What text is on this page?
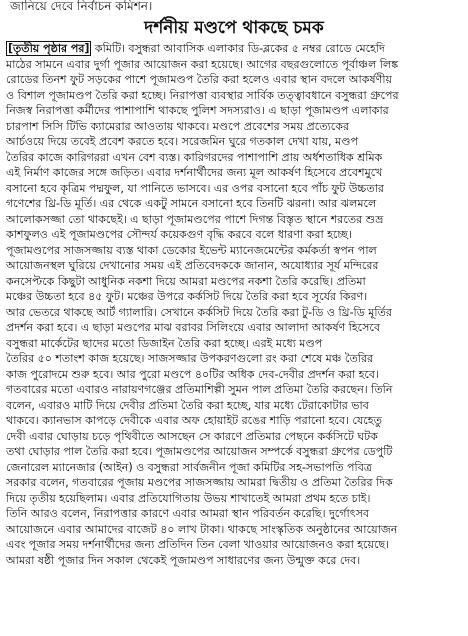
জানিয়ে দেবে নির্বাচন কমিশন।
দর্শনীয় মণ্ডপে থাকছে চমক
[তৃতীয় পৃষ্ঠার পর] কমিটি। বসুন্ধরা আবাসিক এলাকার ডি-ব্লকের ৫ নম্বর রোডে মেহেদি
মাঠের সামনে এবার দুর্গা পূজার আয়োজন করা হয়েছে। আগের বছরগুলোতে পূর্বাঞ্চল লিঙ্ক
রোডের তিনশ ফুট সড়কের পাশে পূজামণ্ডপ তৈরি করা হলেও এবার স্থান বদলে আকর্ষণীয়
ও বিশাল পূজামণ্ডপ তৈরি করা হচ্ছে। নিরাপত্তা ব্যবস্থার সার্বিক তত্ত্বাবধানে বসুন্ধরা গ্রুপের
নিজস্ব নিরাপত্তা কর্মীদের পাশাপাশি থাকছে পুলিশ সদস্যরাও। এ ছাড়া পূজামণ্ডপ এলাকার
চারপাশ সিসি টিভি ক্যামেরার আওতায় থাকবে। মণ্ডপে প্রবেশের সময় প্রত্যেকের
আর্চওয়ে দিয়ে তবেই প্রবেশ করতে হবে। সরেজমিন ঘুরে গতকাল দেখা যায়, মণ্ডপ
তৈরির কাজে কারিগররা এখন বেশ ব্যস্ত। কারিগরদের পাশাপাশি প্রায় অর্ধশতাধিক শ্রমিক
এই নির্মাণ কাজের সঙ্গে জড়িত। এবার দর্শনার্থীদের জন্য মূল আকর্ষণ হিসেবে প্রবেশমুখে
বসানো হবে কৃত্রিম পদ্মফুল, যা পানিতে ভাসবে। এর ওপর বসানো হবে পাঁচ ফুট উচ্চতার
গণেশের থ্রি-ডি মূর্তি। এর থেকে একটু সামনে বসানো হবে তিনটি ঝরনা। আর ঝলমলে
আলোকসজ্জা তো থাকছেই। এ ছাড়া পূজামণ্ডপের পাশে দিগন্ত বিস্তৃত স্থানে শরতের শুভ্র
কাশফুলও এই পূজামণ্ডপের সৌন্দর্য কয়েকগুণ বৃদ্ধি করবে বলে ধারণা করা হচ্ছে।
পূজামণ্ডপের সাজসজ্জায় ব্যস্ত থাকা ডেকোর ইভেন্ট ম্যানেজমেন্টের কর্মকর্তা স্বপন পাল
আয়োজনস্থল ঘুরিয়ে দেখানোর সময় এই প্রতিবেদককে জানান, অযোধ্যার সূর্য মন্দিরের
কনসেপ্টকে কিছুটা আধুনিক নকশা দিয়ে আমরা মণ্ডপের নকশা তৈরি করেছি। প্রতিমা
মঞ্চের উচ্চতা হবে ৪৫ ফুট। মঞ্চের উপরে কর্কসিট দিয়ে তৈরি করা হবে সূর্যের কিরণ।
আর ভেতরে থাকছে আর্ট গ্যালারি। সেখানে কর্কসিট দিয়ে তৈরি করা টু-ডি ও থ্রি-ডি মূর্তির
প্রদর্শন করা হবে। এ ছাড়া মণ্ডপের মাঝ বরাবর সিলিংয়ে এবার আলাদা আকর্ষণ হিসেবে
বসুন্ধরা মার্কেটের ছাদের মতো ডিজাইন তৈরি করা হচ্ছে। এরই মধ্যে মণ্ডপ
তৈরির ৫০ শতাংশ কাজ হয়েছে। সাজসজ্জার উপকরণগুলো রং করা শেষে মঞ্চ তৈরির
কাজ পুরোদমে শুরু হবে। আর পুরো মণ্ডপে ৪০টির অধিক দেব-দেবীর প্রদর্শন করা হবে।
গতবারের মতো এবারও নারায়ণগঞ্জের প্রতিমাশিল্পী সুমন পাল প্রতিমা তৈরি করছেন। তিনি
বলেন, এবারও মাটি দিয়ে দেবীর প্রতিমা তৈরি করা হচ্ছে, যার মধ্যে টেরাকোটার ভাব
থাকবে। ক্যানভাস কাপড়ে দেবীকে এবার অফ হোয়াইট রঙের শাড়ি পরানো হবে। যেহেতু
দেবী এবার ঘোড়ায় চড়ে পৃথিবীতে আসছেন সে কারণে প্রতিমার পেছনে কর্কসিটে ঘটক
তথা ঘোড়ার পাল তৈরি করা হবে। পূজামণ্ডপের আয়োজন সম্পর্কে বসুন্ধরা গ্রুপের ডেপুটি
জেনারেল ম্যানেজার (আইন) ও বসুন্ধরা সার্বজনীন পূজা কমিটির সহ-সভাপতি পবিত্র
সরকার বলেন, গতবারের পূজায় মণ্ডপের সাজসজ্জায় আমরা দ্বিতীয় ও প্রতিমা তৈরির দিক
দিয়ে তৃতীয় হয়েছিলাম। এবার প্রতিযোগিতায় উভয় শাখাতেই আমরা প্রথম হতে চাই।
তিনি আরও বলেন, নিরাপত্তার কারণে এবার আমরা স্থান পরিবর্তন করেছি। দুর্গোৎসব
আয়োজনে এবার আমাদের বাজেট ৪০ লাখ টাকা। থাকছে সাংস্কৃতিক অনুষ্ঠানের আয়োজন
এবং পূজার সময় দর্শনার্থীদের জন্য প্রতিদিন তিন বেলা খাওয়ার আয়োজনও করা হয়েছে।
আমরা ষষ্ঠী পূজার দিন সকাল থেকেই পূজামণ্ডপ সাধারণের জন্য উন্মুক্ত করে দেব।
